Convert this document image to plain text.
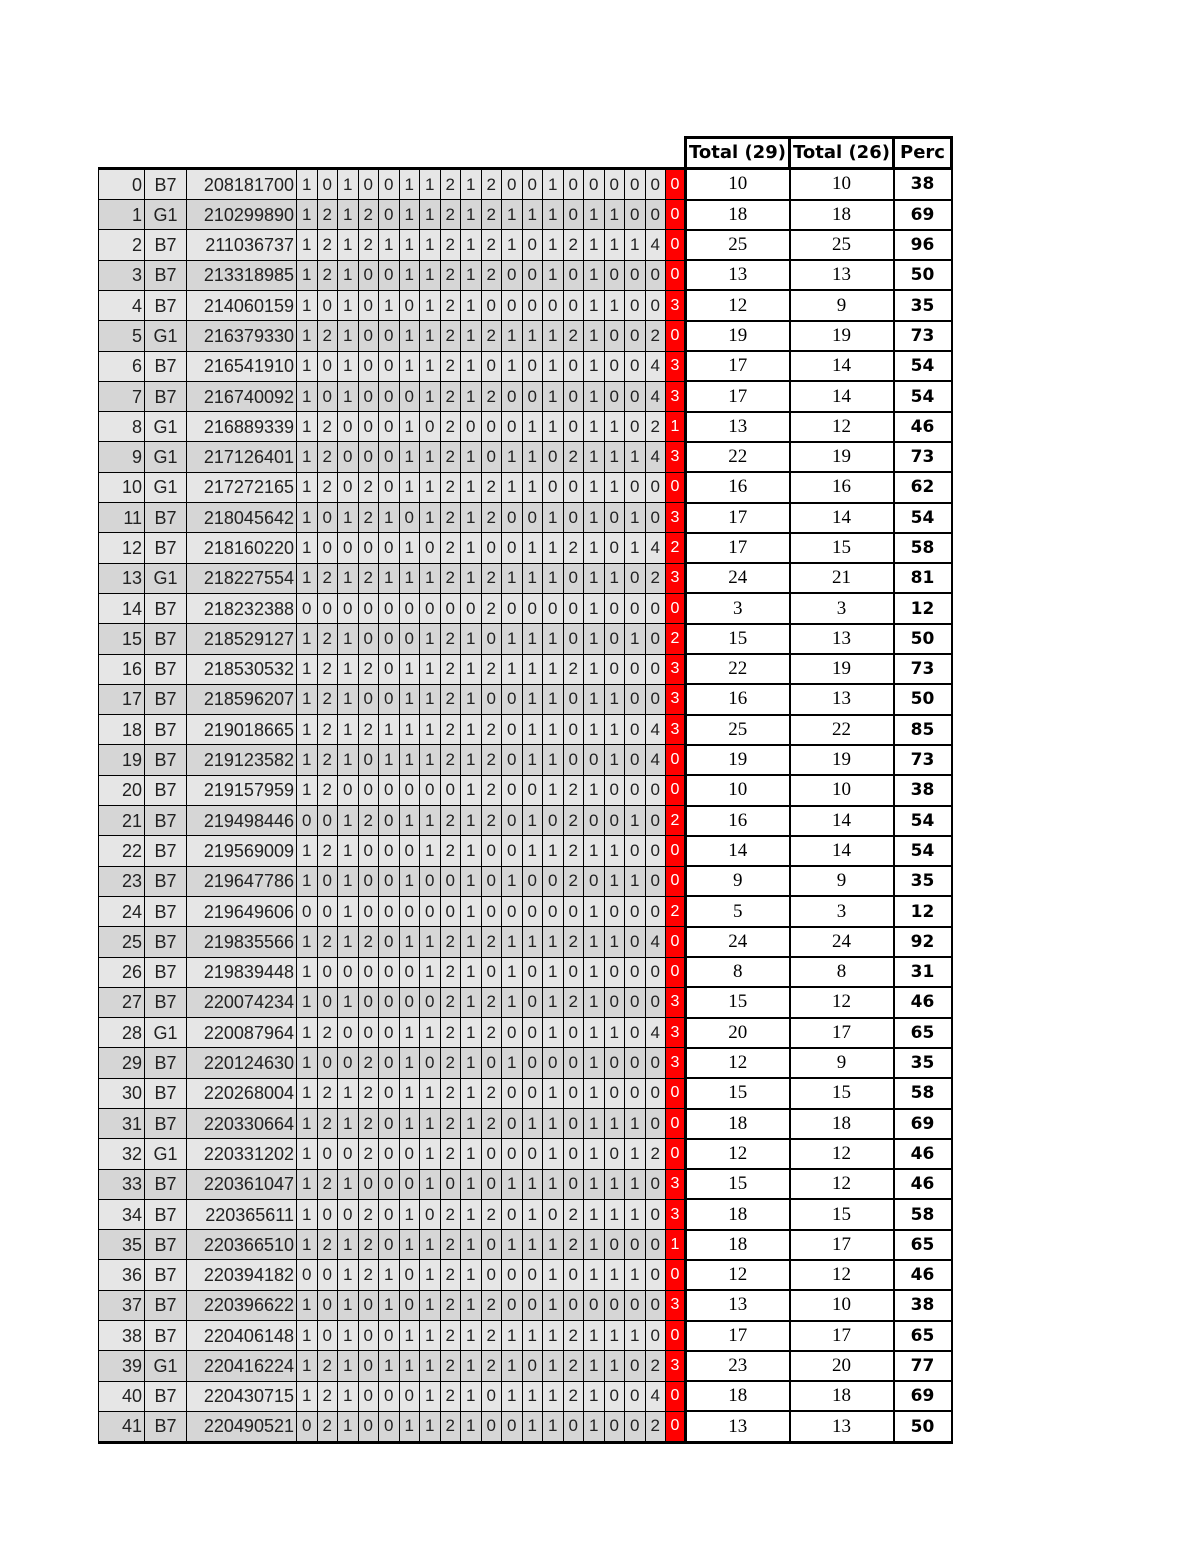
																						Total (29)	Total (26)	Perc
0	B7	208181700	1	0	1	0	0	1	1	2	1	2	0	0	1	0	0	0	0	0	0	10	10	38
1	G1	210299890	1	2	1	2	0	1	1	2	1	2	1	1	1	0	1	1	0	0	0	18	18	69
2	B7	211036737	1	2	1	2	1	1	1	2	1	2	1	0	1	2	1	1	1	4	0	25	25	96
3	B7	213318985	1	2	1	0	0	1	1	2	1	2	0	0	1	0	1	0	0	0	0	13	13	50
4	B7	214060159	1	0	1	0	1	0	1	2	1	0	0	0	0	0	1	1	0	0	3	12	9	35
5	G1	216379330	1	2	1	0	0	1	1	2	1	2	1	1	1	2	1	0	0	2	0	19	19	73
6	B7	216541910	1	0	1	0	0	1	1	2	1	0	1	0	1	0	1	0	0	4	3	17	14	54
7	B7	216740092	1	0	1	0	0	0	1	2	1	2	0	0	1	0	1	0	0	4	3	17	14	54
8	G1	216889339	1	2	0	0	0	1	0	2	0	0	0	1	1	0	1	1	0	2	1	13	12	46
9	G1	217126401	1	2	0	0	0	1	1	2	1	0	1	1	0	2	1	1	1	4	3	22	19	73
10	G1	217272165	1	2	0	2	0	1	1	2	1	2	1	1	0	0	1	1	0	0	0	16	16	62
11	B7	218045642	1	0	1	2	1	0	1	2	1	2	0	0	1	0	1	0	1	0	3	17	14	54
12	B7	218160220	1	0	0	0	0	1	0	2	1	0	0	1	1	2	1	0	1	4	2	17	15	58
13	G1	218227554	1	2	1	2	1	1	1	2	1	2	1	1	1	0	1	1	0	2	3	24	21	81
14	B7	218232388	0	0	0	0	0	0	0	0	0	2	0	0	0	0	1	0	0	0	0	3	3	12
15	B7	218529127	1	2	1	0	0	0	1	2	1	0	1	1	1	0	1	0	1	0	2	15	13	50
16	B7	218530532	1	2	1	2	0	1	1	2	1	2	1	1	1	2	1	0	0	0	3	22	19	73
17	B7	218596207	1	2	1	0	0	1	1	2	1	0	0	1	1	0	1	1	0	0	3	16	13	50
18	B7	219018665	1	2	1	2	1	1	1	2	1	2	0	1	1	0	1	1	0	4	3	25	22	85
19	B7	219123582	1	2	1	0	1	1	1	2	1	2	0	1	1	0	0	1	0	4	0	19	19	73
20	B7	219157959	1	2	0	0	0	0	0	0	1	2	0	0	1	2	1	0	0	0	0	10	10	38
21	B7	219498446	0	0	1	2	0	1	1	2	1	2	0	1	0	2	0	0	1	0	2	16	14	54
22	B7	219569009	1	2	1	0	0	0	1	2	1	0	0	1	1	2	1	1	0	0	0	14	14	54
23	B7	219647786	1	0	1	0	0	1	0	0	1	0	1	0	0	2	0	1	1	0	0	9	9	35
24	B7	219649606	0	0	1	0	0	0	0	0	1	0	0	0	0	0	1	0	0	0	2	5	3	12
25	B7	219835566	1	2	1	2	0	1	1	2	1	2	1	1	1	2	1	1	0	4	0	24	24	92
26	B7	219839448	1	0	0	0	0	0	1	2	1	0	1	0	1	0	1	0	0	0	0	8	8	31
27	B7	220074234	1	0	1	0	0	0	0	2	1	2	1	0	1	2	1	0	0	0	3	15	12	46
28	G1	220087964	1	2	0	0	0	1	1	2	1	2	0	0	1	0	1	1	0	4	3	20	17	65
29	B7	220124630	1	0	0	2	0	1	0	2	1	0	1	0	0	0	1	0	0	0	3	12	9	35
30	B7	220268004	1	2	1	2	0	1	1	2	1	2	0	0	1	0	1	0	0	0	0	15	15	58
31	B7	220330664	1	2	1	2	0	1	1	2	1	2	0	1	1	0	1	1	1	0	0	18	18	69
32	G1	220331202	1	0	0	2	0	0	1	2	1	0	0	0	1	0	1	0	1	2	0	12	12	46
33	B7	220361047	1	2	1	0	0	0	1	0	1	0	1	1	1	0	1	1	1	0	3	15	12	46
34	B7	220365611	1	0	0	2	0	1	0	2	1	2	0	1	0	2	1	1	1	0	3	18	15	58
35	B7	220366510	1	2	1	2	0	1	1	2	1	0	1	1	1	2	1	0	0	0	1	18	17	65
36	B7	220394182	0	0	1	2	1	0	1	2	1	0	0	0	1	0	1	1	1	0	0	12	12	46
37	B7	220396622	1	0	1	0	1	0	1	2	1	2	0	0	1	0	0	0	0	0	3	13	10	38
38	B7	220406148	1	0	1	0	0	1	1	2	1	2	1	1	1	2	1	1	1	0	0	17	17	65
39	G1	220416224	1	2	1	0	1	1	1	2	1	2	1	0	1	2	1	1	0	2	3	23	20	77
40	B7	220430715	1	2	1	0	0	0	1	2	1	0	1	1	1	2	1	0	0	4	0	18	18	69
41	B7	220490521	0	2	1	0	0	1	1	2	1	0	0	1	1	0	1	0	0	2	0	13	13	50
